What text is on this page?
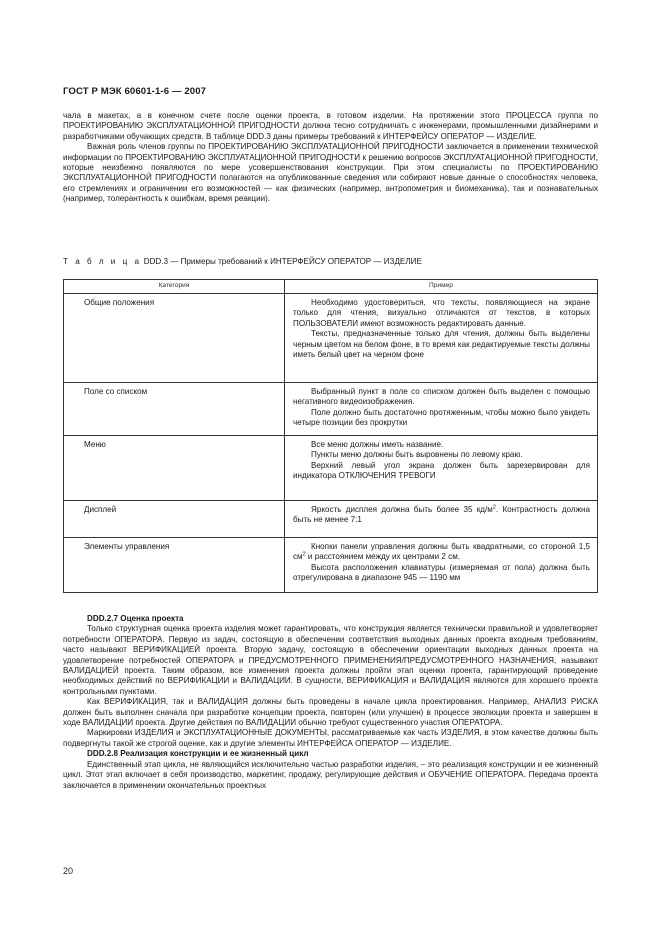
ГОСТ Р МЭК 60601-1-6 — 2007

чала в макетах, а в конечном счете после оценки проекта, в готовом изделии. На протяжении этого ПРОЦЕССА группа по ПРОЕКТИРОВАНИЮ ЭКСПЛУАТАЦИОННОЙ ПРИГОДНОСТИ должна тесно сотрудничать с инженерами, промышленными дизайнерами и разработчиками обучающих средств. В таблице DDD.3 даны примеры требований к ИНТЕРФЕЙСУ ОПЕРАТОР — ИЗДЕЛИЕ.

Важная роль членов группы по ПРОЕКТИРОВАНИЮ ЭКСПЛУАТАЦИОННОЙ ПРИГОДНОСТИ заключается в применении технической информации по ПРОЕКТИРОВАНИЮ ЭКСПЛУАТАЦИОННОЙ ПРИГОДНОСТИ к решению вопросов ЭКСПЛУАТАЦИОННОЙ ПРИГОДНОСТИ, которые неизбежно появляются по мере усовершенствования конструкции. При этом специалисты по ПРОЕКТИРОВАНИЮ ЭКСПЛУАТАЦИОННОЙ ПРИГОДНОСТИ полагаются на опубликованные сведения или собирают новые данные о способностях человека, его стремлениях и ограничении его возможностей — как физических (например, антропометрия и биомеханика), так и познавательных (например, толерантность к ошибкам, время реакции).

Т а б л и ц а DDD.3 — Примеры требований к ИНТЕРФЕЙСУ ОПЕРАТОР — ИЗДЕЛИЕ
Категория	Пример
Общие положения	Необходимо удостовериться, что тексты, появляющиеся на экране только для чтения, визуально отличаются от текстов, в которых ПОЛЬЗОВАТЕЛИ имеют возможность редактировать данные.

Тексты, предназначенные только для чтения, должны быть выделены черным цветом на белом фоне, в то время как редактируемые тексты должны иметь белый цвет на черном фоне

Поле со списком	Выбранный пункт в поле со списком должен быть выделен с помощью негативного видеоизображения.

Поле должно быть достаточно протяженным, чтобы можно было увидеть четыре позиции без прокрутки

Меню	Все меню должны иметь название.

Пункты меню должны быть выровнены по левому краю.

Верхний левый угол экрана должен быть зарезервирован для индикатора ОТКЛЮЧЕНИЯ ТРЕВОГИ

Дисплей	Яркость дисплея должна быть более 35 $кд/м^2$. Контрастность должна быть не менее 7:1

Элементы управления	Кнопки панели управления должны быть квадратными, со стороной 1,5 $см^2$ и расстоянием между их центрами 2 см.

Высота расположения клавиатуры (измеряемая от пола) должна быть отрегулирована в диапазоне 945 — 1190 мм

DDD.2.7 Оценка проекта

Только структурная оценка проекта изделия может гарантировать, что конструкция является технически правильной и удовлетворяет потребности ОПЕРАТОРА. Первую из задач, состоящую в обеспечении соответствия выходных данных проекта входным требованиям, часто называют ВЕРИФИКАЦИЕЙ проекта. Вторую задачу, состоящую в обеспечении ориентации выходных данных проекта на удовлетворение потребностей ОПЕРАТОРА и ПРЕДУСМОТРЕННОГО ПРИМЕНЕНИЯ/ПРЕДУСМОТРЕННОГО НАЗНАЧЕНИЯ, называют ВАЛИДАЦИЕЙ проекта. Таким образом, все изменения проекта должны пройти этап оценки проекта, гарантирующий проведение необходимых действий по ВЕРИФИКАЦИИ и ВАЛИДАЦИИ. В сущности, ВЕРИФИКАЦИЯ и ВАЛИДАЦИЯ являются для хорошего проекта контрольными пунктами.

Как ВЕРИФИКАЦИЯ, так и ВАЛИДАЦИЯ должны быть проведены в начале цикла проектирования. Например, АНАЛИЗ РИСКА должен быть выполнен сначала при разработке концепции проекта, повторен (или улучшен) в процессе эволюции проекта и завершен в ходе ВАЛИДАЦИИ проекта. Другие действия по ВАЛИДАЦИИ обычно требуют существенного участия ОПЕРАТОРА.

Маркировки ИЗДЕЛИЯ и ЭКСПЛУАТАЦИОННЫЕ ДОКУМЕНТЫ, рассматриваемые как часть ИЗДЕЛИЯ, в этом качестве должны быть подвергнуты такой же строгой оценке, как и другие элементы ИНТЕРФЕЙСА ОПЕРАТОР — ИЗДЕЛИЕ.

DDD.2.8 Реализация конструкции и ее жизненный цикл

Единственный этап цикла, не являющийся исключительно частью разработки изделия, – это реализация конструкции и ее жизненный цикл. Этот этап включает в себя производство, маркетинг, продажу, регулирующие действия и ОБУЧЕНИЕ ОПЕРАТОРА. Передача проекта заключается в применении окончательных проектных

20
